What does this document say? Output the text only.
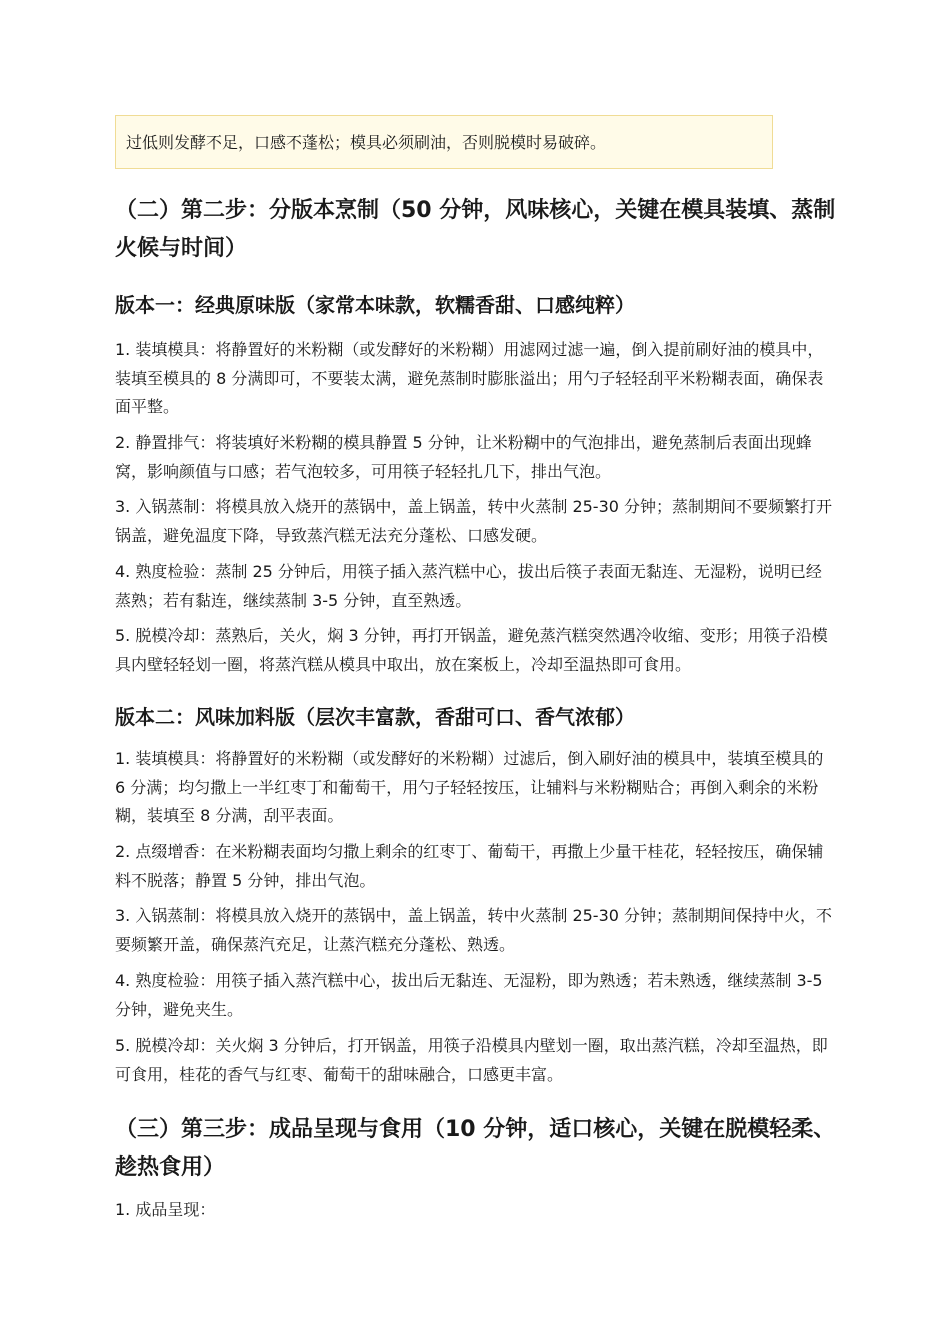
过低则发酵不足，口感不蓬松；模具必须刷油，否则脱模时易破碎。
（二）第二步：分版本烹制（50 分钟，风味核心，关键在模具装填、蒸制火候与时间）
版本一：经典原味版（家常本味款，软糯香甜、口感纯粹）

1. 装填模具：将静置好的米粉糊（或发酵好的米粉糊）用滤网过滤一遍，倒入提前刷好油的模具中，装填至模具的 8 分满即可，不要装太满，避免蒸制时膨胀溢出；用勺子轻轻刮平米粉糊表面，确保表面平整。

2. 静置排气：将装填好米粉糊的模具静置 5 分钟，让米粉糊中的气泡排出，避免蒸制后表面出现蜂窝，影响颜值与口感；若气泡较多，可用筷子轻轻扎几下，排出气泡。

3. 入锅蒸制：将模具放入烧开的蒸锅中，盖上锅盖，转中火蒸制 25-30 分钟；蒸制期间不要频繁打开锅盖，避免温度下降，导致蒸汽糕无法充分蓬松、口感发硬。

4. 熟度检验：蒸制 25 分钟后，用筷子插入蒸汽糕中心，拔出后筷子表面无黏连、无湿粉，说明已经蒸熟；若有黏连，继续蒸制 3-5 分钟，直至熟透。

5. 脱模冷却：蒸熟后，关火，焖 3 分钟，再打开锅盖，避免蒸汽糕突然遇冷收缩、变形；用筷子沿模具内壁轻轻划一圈，将蒸汽糕从模具中取出，放在案板上，冷却至温热即可食用。

版本二：风味加料版（层次丰富款，香甜可口、香气浓郁）

1. 装填模具：将静置好的米粉糊（或发酵好的米粉糊）过滤后，倒入刷好油的模具中，装填至模具的 6 分满；均匀撒上一半红枣丁和葡萄干，用勺子轻轻按压，让辅料与米粉糊贴合；再倒入剩余的米粉糊，装填至 8 分满，刮平表面。

2. 点缀增香：在米粉糊表面均匀撒上剩余的红枣丁、葡萄干，再撒上少量干桂花，轻轻按压，确保辅料不脱落；静置 5 分钟，排出气泡。

3. 入锅蒸制：将模具放入烧开的蒸锅中，盖上锅盖，转中火蒸制 25-30 分钟；蒸制期间保持中火，不要频繁开盖，确保蒸汽充足，让蒸汽糕充分蓬松、熟透。

4. 熟度检验：用筷子插入蒸汽糕中心，拔出后无黏连、无湿粉，即为熟透；若未熟透，继续蒸制 3-5 分钟，避免夹生。

5. 脱模冷却：关火焖 3 分钟后，打开锅盖，用筷子沿模具内壁划一圈，取出蒸汽糕，冷却至温热，即可食用，桂花的香气与红枣、葡萄干的甜味融合，口感更丰富。

（三）第三步：成品呈现与食用（10 分钟，适口核心，关键在脱模轻柔、趁热食用）

1. 成品呈现：
